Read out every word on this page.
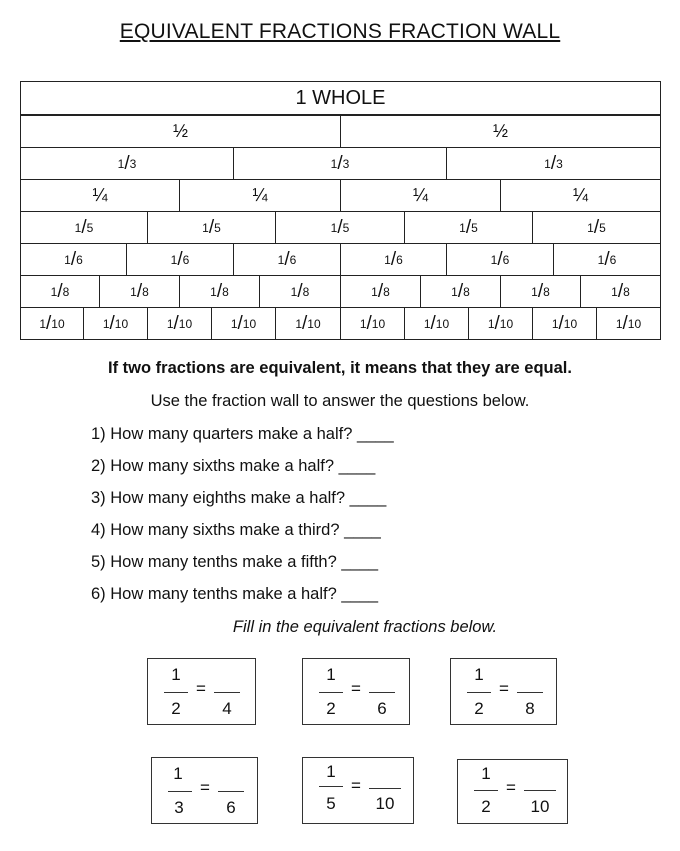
EQUIVALENT FRACTIONS FRACTION WALL
1 WHOLE
½	½
1 / 3	1 / 3	1 / 3
¼	¼	¼	¼
1 / 5	1 / 5	1 / 5	1 / 5	1 / 5
1 / 6	1 / 6	1 / 6	1 / 6	1 / 6	1 / 6
1 / 8	1 / 8	1 / 8	1 / 8	1 / 8	1 / 8	1 / 8	1 / 8
1 / 10	1 / 10	1 / 10	1 / 10	1 / 10	1 / 10	1 / 10	1 / 10	1 / 10	1 / 10
If two fractions are equivalent, it means that they are equal.
Use the fraction wall to answer the questions below.
1) How many quarters make a half? ____
2) How many sixths make a half? ____
3) How many eighths make a half? ____
4) How many sixths make a third? ____
5) How many tenths make a fifth? ____
6) How many tenths make a half? ____
Fill in the equivalent fractions below.
1
2
=
4
1
2
=
6
1
2
=
8
1
3
=
6
1
5
=
10
1
2
=
10
